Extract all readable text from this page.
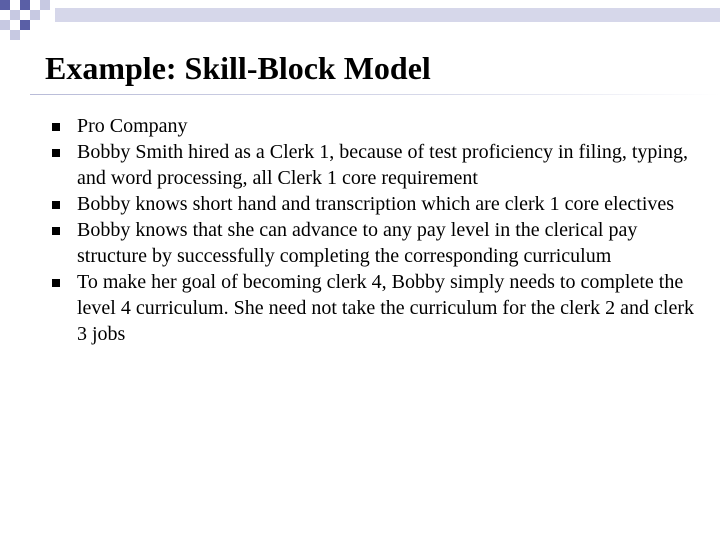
Example: Skill-Block Model
Pro Company
Bobby Smith hired as a Clerk 1, because of test proficiency in filing, typing, and word processing, all Clerk 1 core requirement
Bobby knows short hand and transcription which are clerk 1 core electives
Bobby knows that she can advance to any pay level in the clerical pay structure by successfully completing the corresponding curriculum
To make her goal of becoming clerk 4, Bobby simply needs to complete the level 4 curriculum. She need not take the curriculum for the clerk 2 and clerk 3 jobs
